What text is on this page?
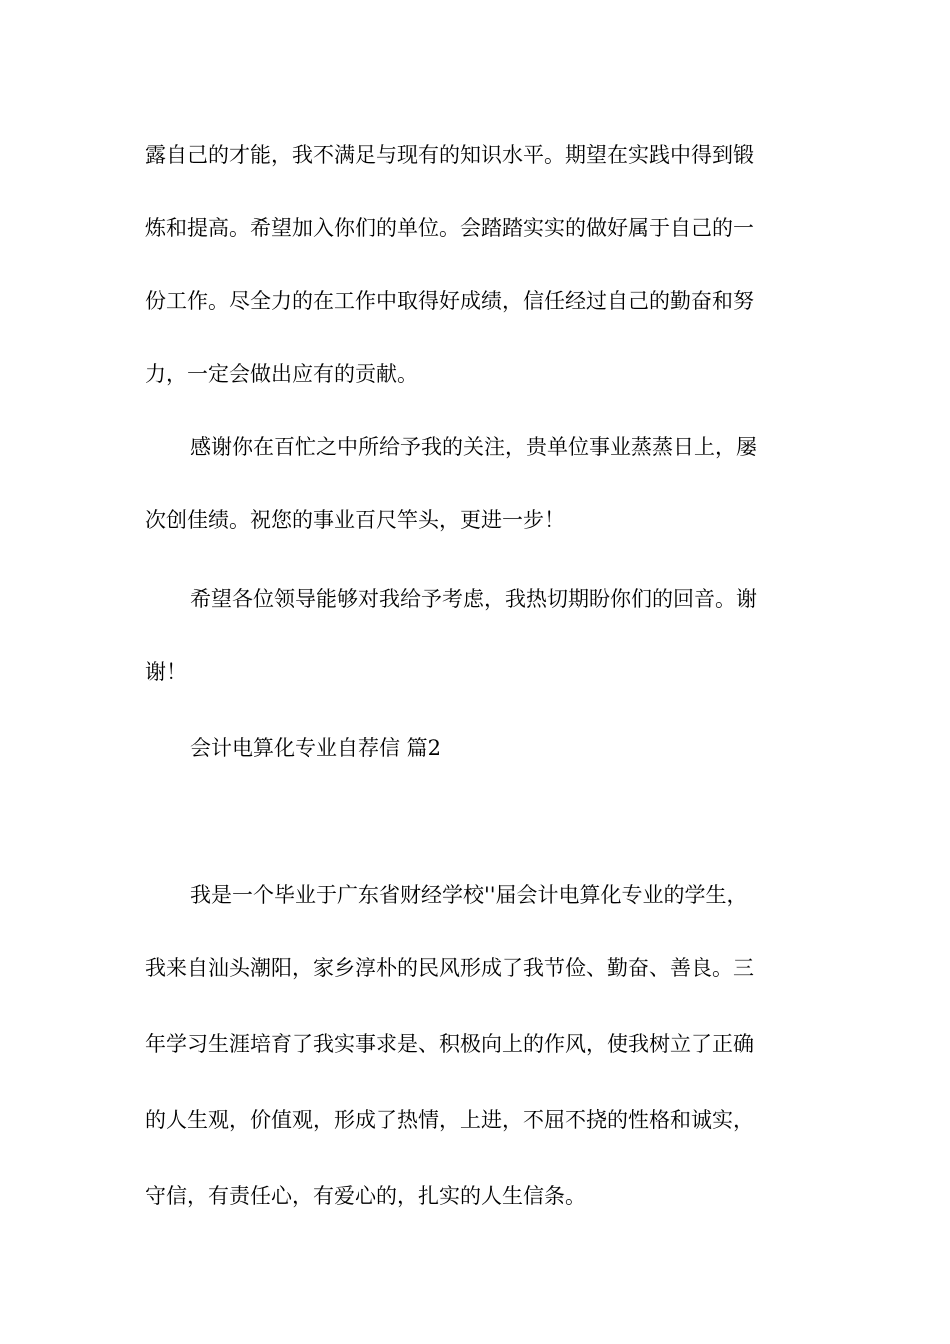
露自己的才能，我不满足与现有的知识水平。期望在实践中得到锻
炼和提高。希望加入你们的单位。会踏踏实实的做好属于自己的一
份工作。尽全力的在工作中取得好成绩，信任经过自己的勤奋和努
力，一定会做出应有的贡献。
感谢你在百忙之中所给予我的关注，贵单位事业蒸蒸日上，屡
次创佳绩。祝您的事业百尺竿头，更进一步！
希望各位领导能够对我给予考虑，我热切期盼你们的回音。谢
谢！
会计电算化专业自荐信 篇2
我是一个毕业于广东省财经学校''届会计电算化专业的学生，
我来自汕头潮阳，家乡淳朴的民风形成了我节俭、勤奋、善良。三
年学习生涯培育了我实事求是、积极向上的作风，使我树立了正确
的人生观，价值观，形成了热情，上进，不屈不挠的性格和诚实，
守信，有责任心，有爱心的，扎实的人生信条。
